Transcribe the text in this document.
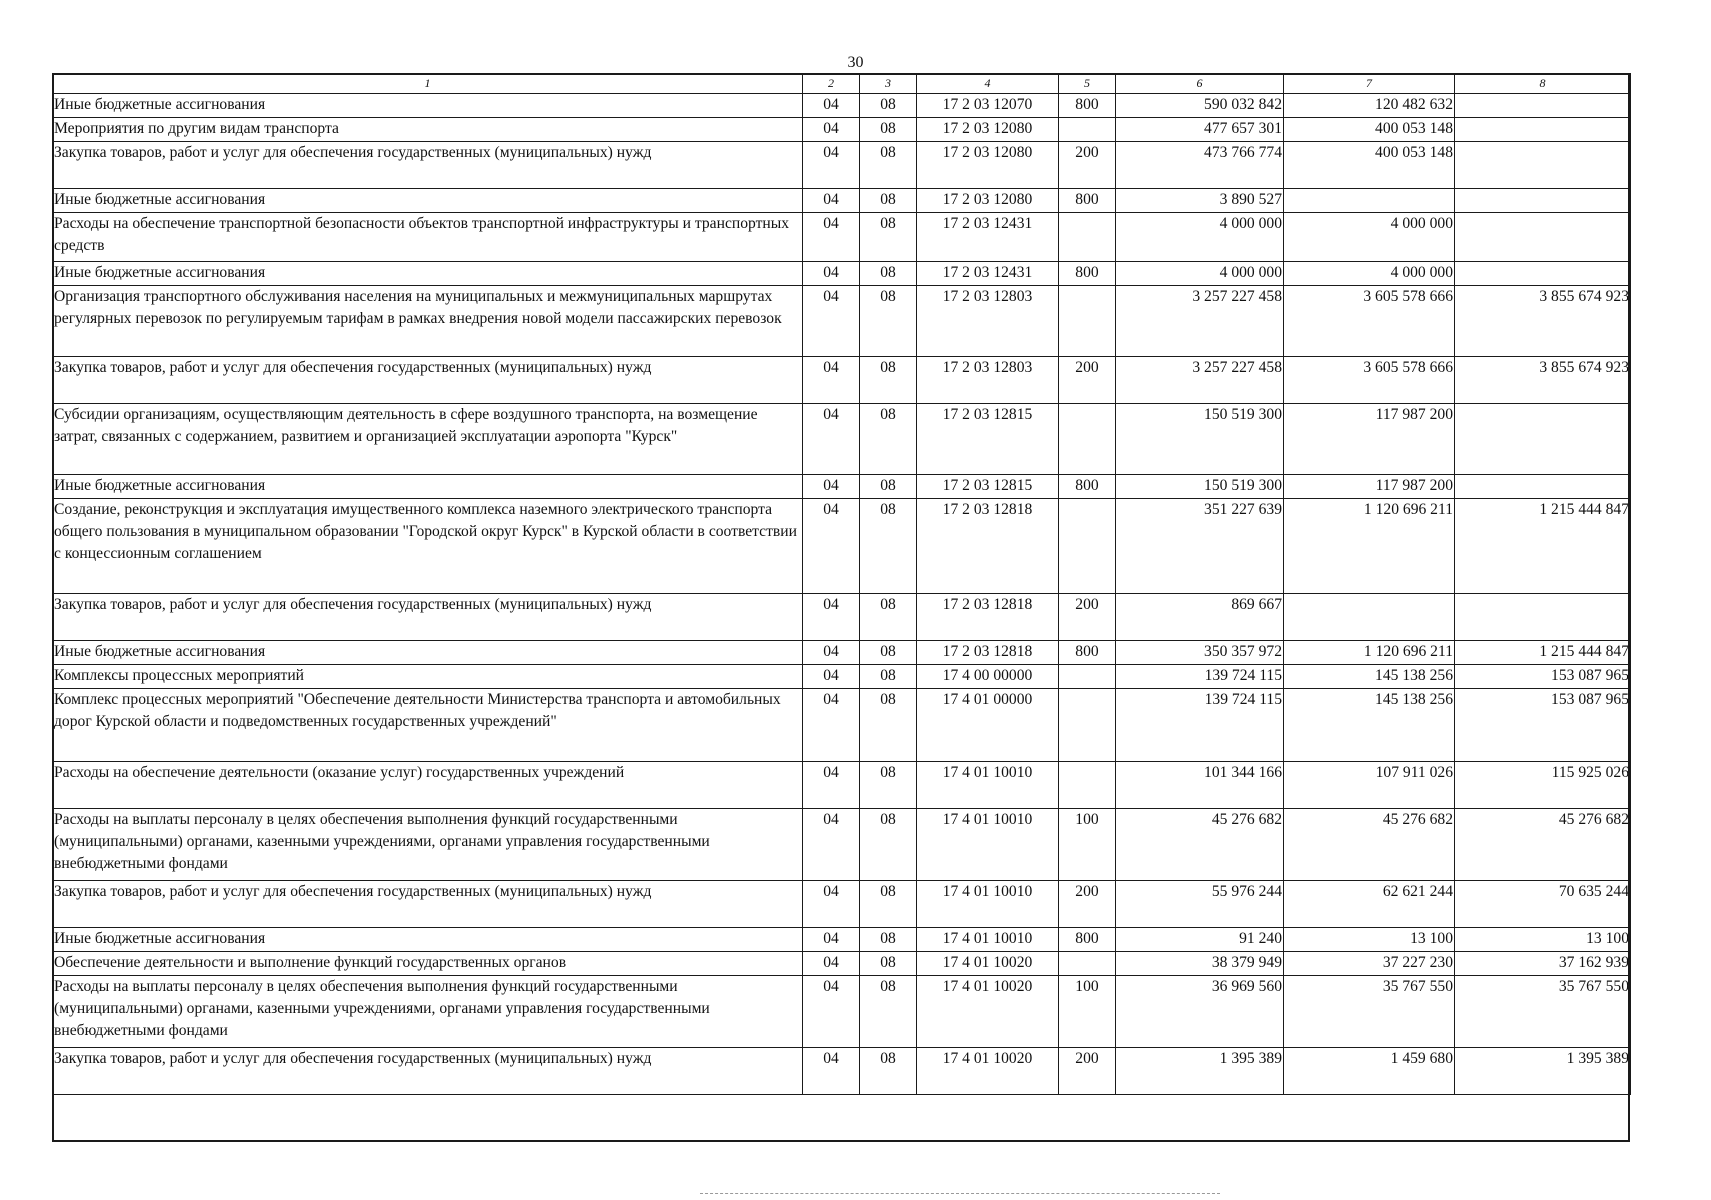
30
1	2	3	4	5	6	7	8
Иные бюджетные ассигнования	04	08	17 2 03 12070	800	590 032 842	120 482 632	
Мероприятия по другим видам транспорта	04	08	17 2 03 12080		477 657 301	400 053 148	
Закупка товаров, работ и услуг для обеспечения государственных (муниципальных) нужд	04	08	17 2 03 12080	200	473 766 774	400 053 148	
Иные бюджетные ассигнования	04	08	17 2 03 12080	800	3 890 527		
Расходы на обеспечение транспортной безопасности объектов транспортной инфраструктуры и транспортных средств	04	08	17 2 03 12431		4 000 000	4 000 000	
Иные бюджетные ассигнования	04	08	17 2 03 12431	800	4 000 000	4 000 000	
Организация транспортного обслуживания населения на муниципальных и межмуниципальных маршрутах регулярных перевозок по регулируемым тарифам в рамках внедрения новой модели пассажирских перевозок	04	08	17 2 03 12803		3 257 227 458	3 605 578 666	3 855 674 923
Закупка товаров, работ и услуг для обеспечения государственных (муниципальных) нужд	04	08	17 2 03 12803	200	3 257 227 458	3 605 578 666	3 855 674 923
Субсидии организациям, осуществляющим деятельность в сфере воздушного транспорта, на возмещение затрат, связанных с содержанием, развитием и организацией эксплуатации аэропорта "Курск"	04	08	17 2 03 12815		150 519 300	117 987 200	
Иные бюджетные ассигнования	04	08	17 2 03 12815	800	150 519 300	117 987 200	
Создание, реконструкция и эксплуатация имущественного комплекса наземного электрического транспорта общего пользования в муниципальном образовании "Городской округ Курск" в Курской области в соответствии с концессионным соглашением	04	08	17 2 03 12818		351 227 639	1 120 696 211	1 215 444 847
Закупка товаров, работ и услуг для обеспечения государственных (муниципальных) нужд	04	08	17 2 03 12818	200	869 667		
Иные бюджетные ассигнования	04	08	17 2 03 12818	800	350 357 972	1 120 696 211	1 215 444 847
Комплексы процессных мероприятий	04	08	17 4 00 00000		139 724 115	145 138 256	153 087 965
Комплекс процессных мероприятий "Обеспечение деятельности Министерства транспорта и автомобильных дорог Курской области и подведомственных государственных учреждений"	04	08	17 4 01 00000		139 724 115	145 138 256	153 087 965
Расходы на обеспечение деятельности (оказание услуг) государственных учреждений	04	08	17 4 01 10010		101 344 166	107 911 026	115 925 026
Расходы на выплаты персоналу в целях обеспечения выполнения функций государственными (муниципальными) органами, казенными учреждениями, органами управления государственными внебюджетными фондами	04	08	17 4 01 10010	100	45 276 682	45 276 682	45 276 682
Закупка товаров, работ и услуг для обеспечения государственных (муниципальных) нужд	04	08	17 4 01 10010	200	55 976 244	62 621 244	70 635 244
Иные бюджетные ассигнования	04	08	17 4 01 10010	800	91 240	13 100	13 100
Обеспечение деятельности и выполнение функций государственных органов	04	08	17 4 01 10020		38 379 949	37 227 230	37 162 939
Расходы на выплаты персоналу в целях обеспечения выполнения функций государственными (муниципальными) органами, казенными учреждениями, органами управления государственными внебюджетными фондами	04	08	17 4 01 10020	100	36 969 560	35 767 550	35 767 550
Закупка товаров, работ и услуг для обеспечения государственных (муниципальных) нужд	04	08	17 4 01 10020	200	1 395 389	1 459 680	1 395 389
